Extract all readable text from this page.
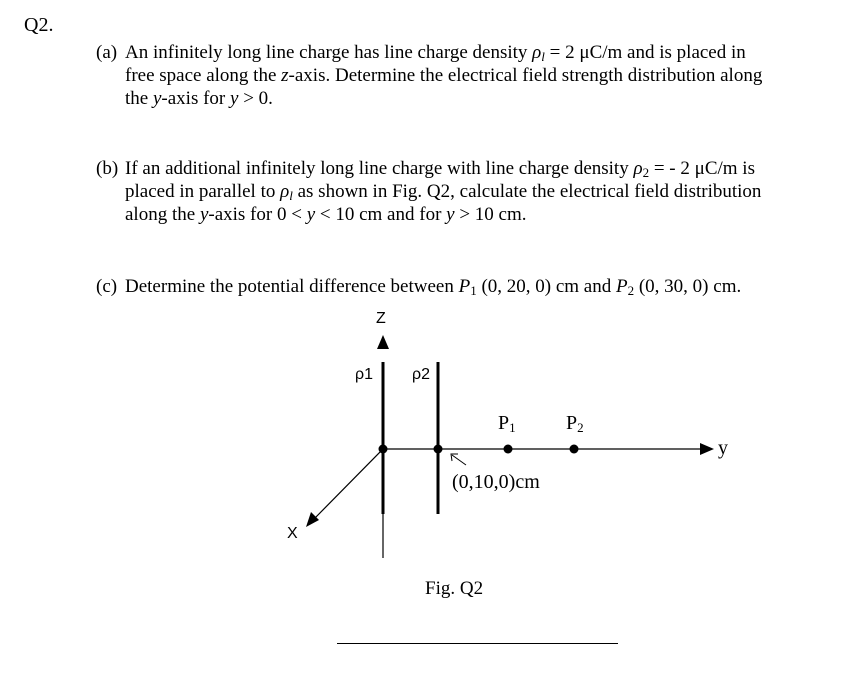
Q2.
(a) An infinitely long line charge has line charge density $\rho_l = 2$ μC/m and is placed in
free space along the z-axis. Determine the electrical field strength distribution along
the y-axis for y > 0.
(b) If an additional infinitely long line charge with line charge density $\rho_2$ = - 2 μC/m is
placed in parallel to $\rho_l$ as shown in Fig. Q2, calculate the electrical field distribution
along the y-axis for 0 < y < 10 cm and for y > 10 cm.
(c) Determine the potential difference between $P_1$ (0, 20, 0) cm and $P_2$ (0, 30, 0) cm.
Z
ρ1 ρ2
$P_1$	$P_2$
y
X
(0,10,0)cm
Fig. Q2
